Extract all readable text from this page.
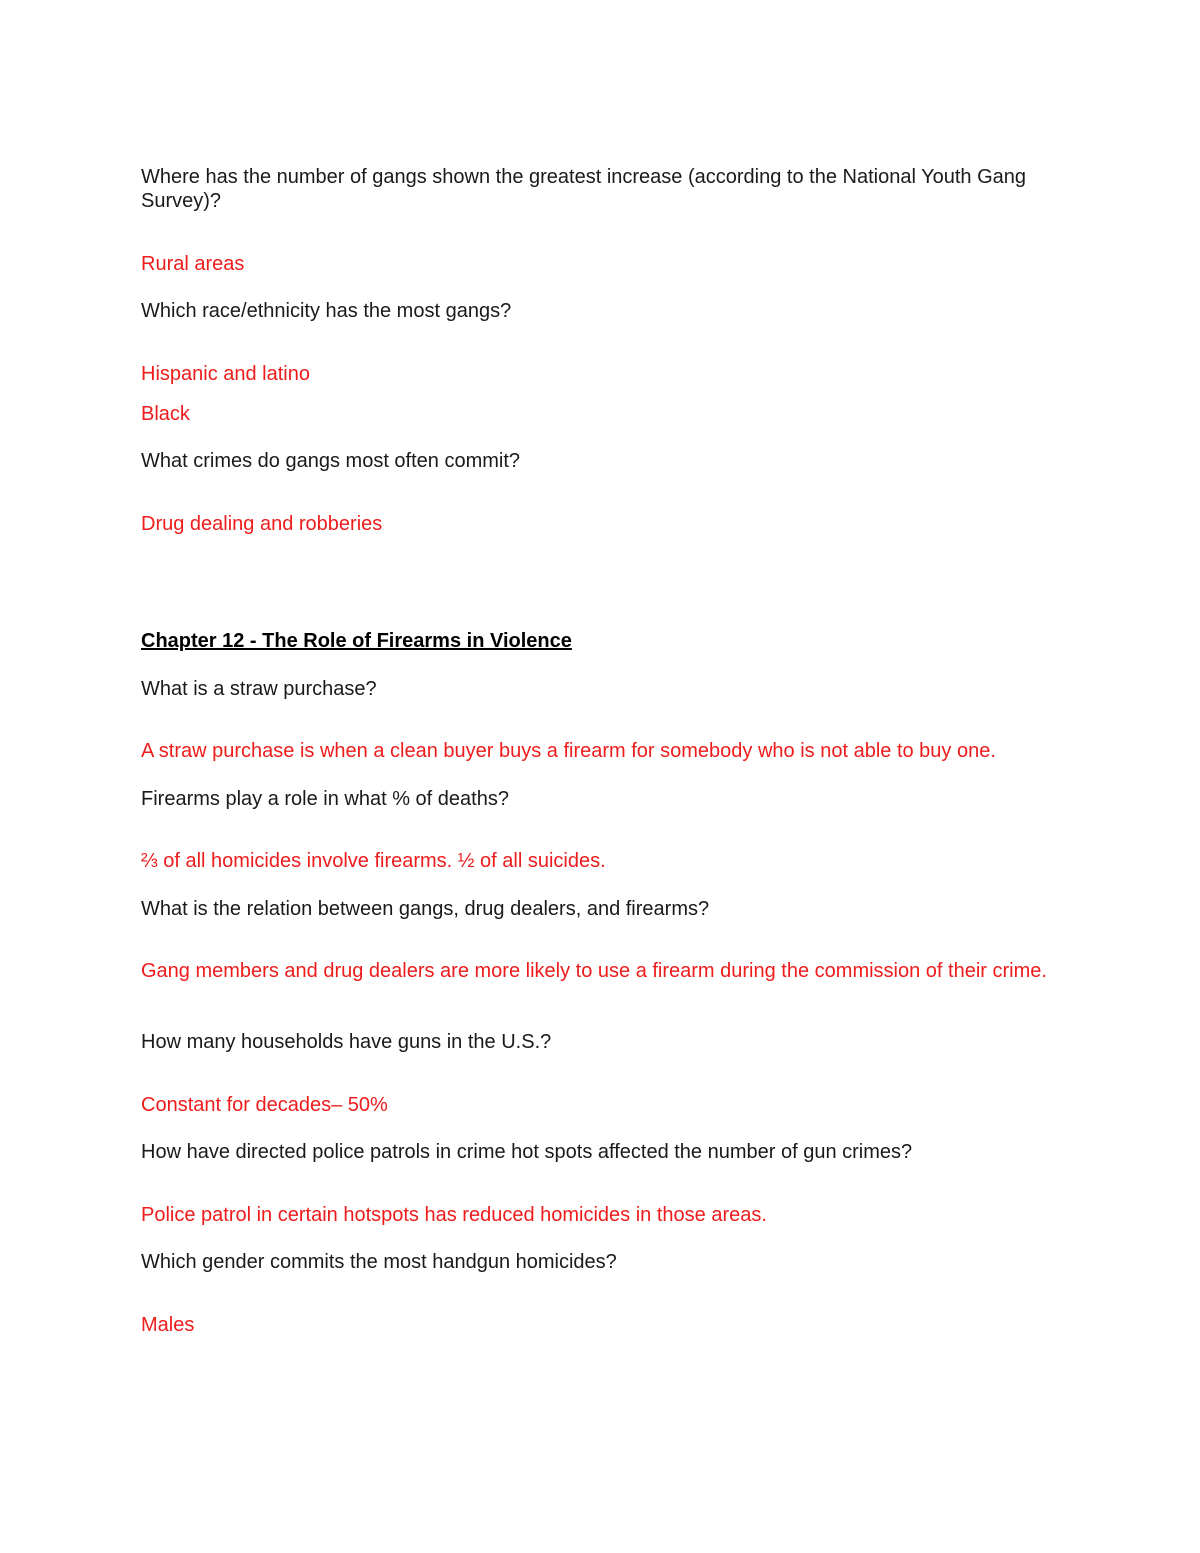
Where has the number of gangs shown the greatest increase (according to the National Youth Gang Survey)?
Rural areas
Which race/ethnicity has the most gangs?
Hispanic and latino
Black
What crimes do gangs most often commit?
Drug dealing and robberies
Chapter 12 - The Role of Firearms in Violence
What is a straw purchase?
A straw purchase is when a clean buyer buys a firearm for somebody who is not able to buy one.
Firearms play a role in what % of deaths?
⅔ of all homicides involve firearms. ½ of all suicides.
What is the relation between gangs, drug dealers, and firearms?
Gang members and drug dealers are more likely to use a firearm during the commission of their crime.
How many households have guns in the U.S.?
Constant for decades– 50%
How have directed police patrols in crime hot spots affected the number of gun crimes?
Police patrol in certain hotspots has reduced homicides in those areas.
Which gender commits the most handgun homicides?
Males
